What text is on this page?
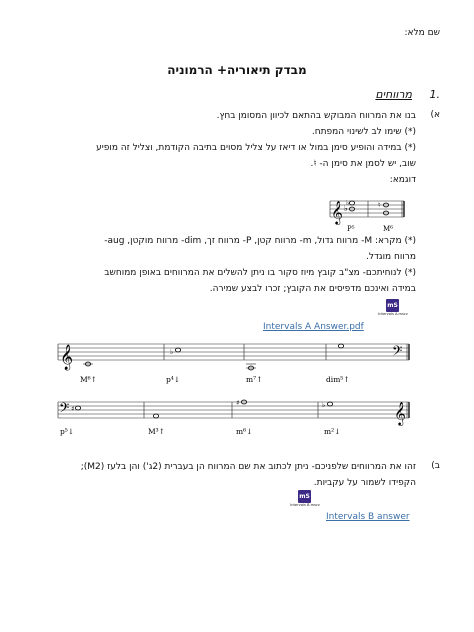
שם מלא:
מבדק תיאוריה+ הרמוניה
1.
מרווחים
א)
בנו את המרווח המבוקש בהתאם לכיוון המסומן בחץ.
(*) שימו לב לשינוי המפתח.
(*) במידה והופיע סימן במול או דיאז על צליל מסוים בתיבה הקודמת, וצליל זה מופיע
שוב, יש לסמן את סימן ה- ♮.
דוגמא:
𝄞 ♭
♭	♮
P⁵	M⁶
(*) מקרא: M- מרווח גדול, m- מרווח קטן, P- מרווח זך, dim- מרווח מוקטן, aug-
מרווח מוגדל.
(*) לנוחיתכם- מצ"ב קובץ מיוז סקור בו ניתן להשלים את המרווחים באופן ממוחשב
במידה ואינכם מדפיסים את הקובץ; זכרו לבצע שמירה.
mS
Intervals A.mscz
Intervals A Answer.pdf
𝄞	♭	𝄢
M⁶↑	p⁴↓	m⁷↑	dim⁵↑
𝄢 ♯
♯	♭	𝄞
p⁵↓	M³↑	m⁶↓	m²↓
ב)
זהו את המרווחים שלפניכם- ניתן לכתוב את שם המרווח הן בעברית (2ג') והן בלעז (M2);
הקפידו לשמור על עקביות.
mS
Intervals B.mscz
Intervals B answer
